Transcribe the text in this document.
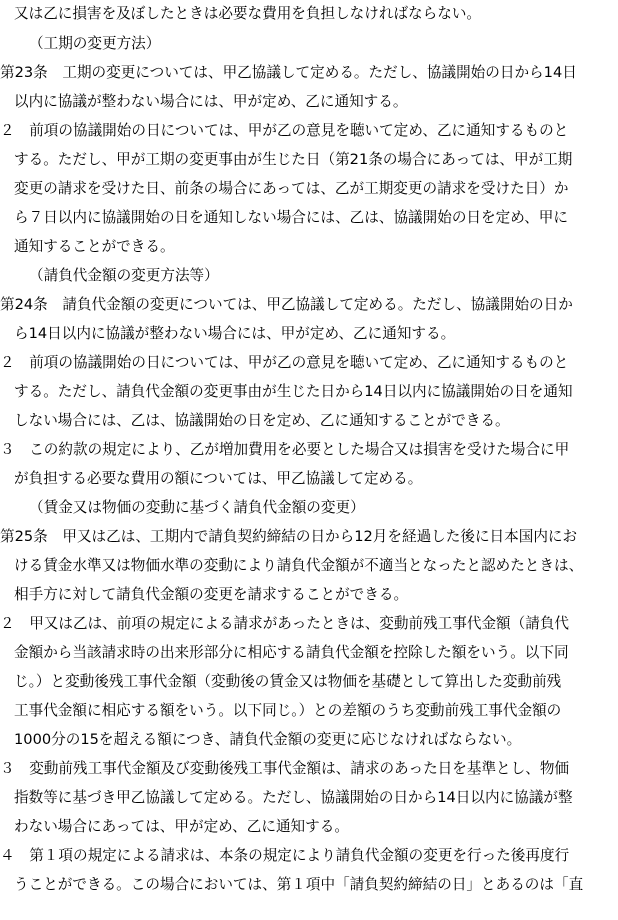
又は乙に損害を及ぼしたときは必要な費用を負担しなければならない。
（工期の変更方法）
第23条　工期の変更については、甲乙協議して定める。ただし、協議開始の日から14日
以内に協議が整わない場合には、甲が定め、乙に通知する。
２　前項の協議開始の日については、甲が乙の意見を聴いて定め、乙に通知するものと
する。ただし、甲が工期の変更事由が生じた日（第21条の場合にあっては、甲が工期
変更の請求を受けた日、前条の場合にあっては、乙が工期変更の請求を受けた日）か
ら７日以内に協議開始の日を通知しない場合には、乙は、協議開始の日を定め、甲に
通知することができる。
（請負代金額の変更方法等）
第24条　請負代金額の変更については、甲乙協議して定める。ただし、協議開始の日か
ら14日以内に協議が整わない場合には、甲が定め、乙に通知する。
２　前項の協議開始の日については、甲が乙の意見を聴いて定め、乙に通知するものと
する。ただし、請負代金額の変更事由が生じた日から14日以内に協議開始の日を通知
しない場合には、乙は、協議開始の日を定め、乙に通知することができる。
３　この約款の規定により、乙が増加費用を必要とした場合又は損害を受けた場合に甲
が負担する必要な費用の額については、甲乙協議して定める。
（賃金又は物価の変動に基づく請負代金額の変更）
第25条　甲又は乙は、工期内で請負契約締結の日から12月を経過した後に日本国内にお
ける賃金水準又は物価水準の変動により請負代金額が不適当となったと認めたときは、
相手方に対して請負代金額の変更を請求することができる。
２　甲又は乙は、前項の規定による請求があったときは、変動前残工事代金額（請負代
金額から当該請求時の出来形部分に相応する請負代金額を控除した額をいう。以下同
じ。）と変動後残工事代金額（変動後の賃金又は物価を基礎として算出した変動前残
工事代金額に相応する額をいう。以下同じ。）との差額のうち変動前残工事代金額の
1000分の15を超える額につき、請負代金額の変更に応じなければならない。
３　変動前残工事代金額及び変動後残工事代金額は、請求のあった日を基準とし、物価
指数等に基づき甲乙協議して定める。ただし、協議開始の日から14日以内に協議が整
わない場合にあっては、甲が定め、乙に通知する。
４　第１項の規定による請求は、本条の規定により請負代金額の変更を行った後再度行
うことができる。この場合においては、第１項中「請負契約締結の日」とあるのは「直
